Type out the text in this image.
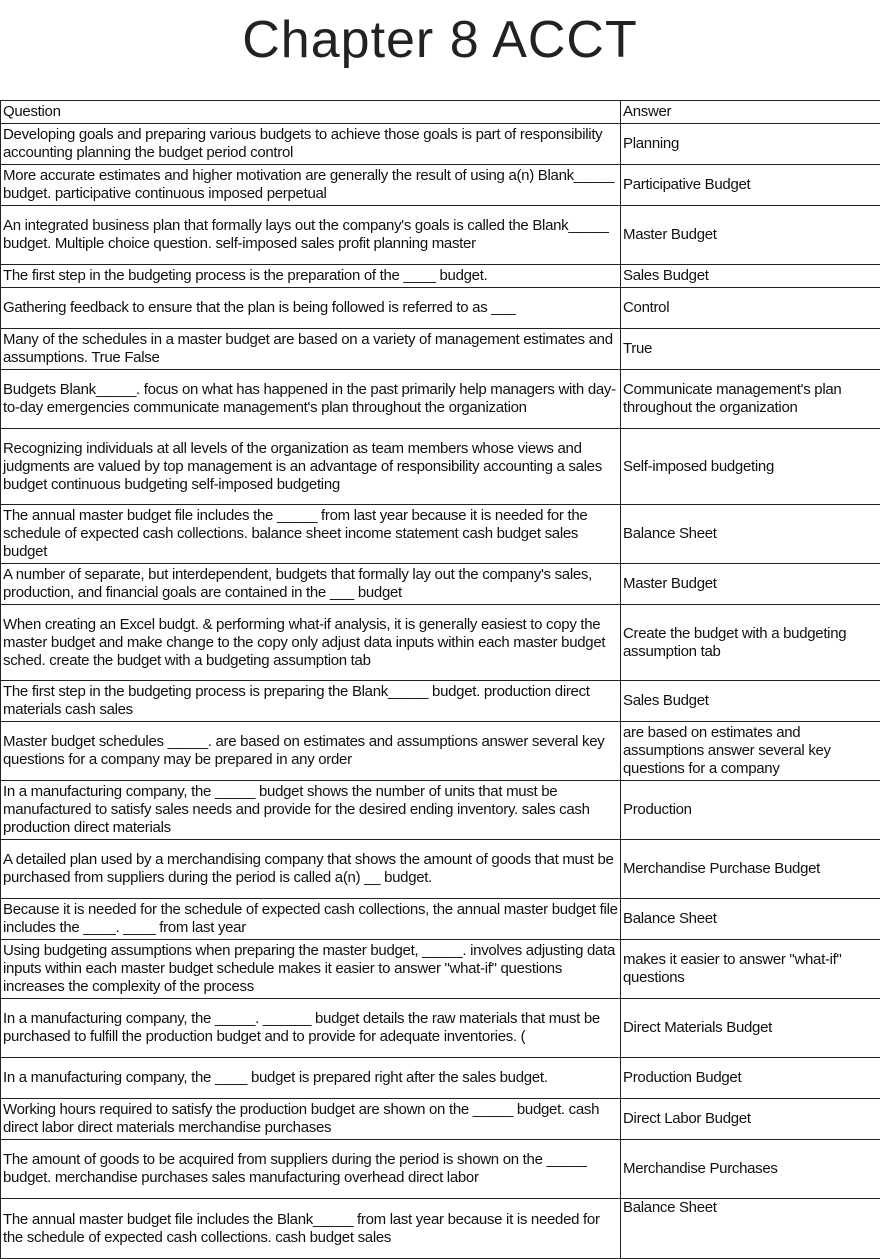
Chapter 8 ACCT
Question	Answer
Developing goals and preparing various budgets to achieve those goals is part of responsibility accounting planning the budget period control	Planning
More accurate estimates and higher motivation are generally the result of using a(n) Blank_____ budget. participative continuous imposed perpetual	Participative Budget
An integrated business plan that formally lays out the company's goals is called the Blank_____ budget. Multiple choice question. self-imposed sales profit planning master	Master Budget
The first step in the budgeting process is the preparation of the ____ budget.	Sales Budget
Gathering feedback to ensure that the plan is being followed is referred to as ___	Control
Many of the schedules in a master budget are based on a variety of management estimates and assumptions. True False	True
Budgets Blank_____. focus on what has happened in the past primarily help managers with day-to-day emergencies communicate management's plan throughout the organization	Communicate management's plan throughout the organization
Recognizing individuals at all levels of the organization as team members whose views and judgments are valued by top management is an advantage of responsibility accounting a sales budget continuous budgeting self-imposed budgeting	Self-imposed budgeting
The annual master budget file includes the _____ from last year because it is needed for the schedule of expected cash collections. balance sheet income statement cash budget sales budget	Balance Sheet
A number of separate, but interdependent, budgets that formally lay out the company's sales, production, and financial goals are contained in the ___ budget	Master Budget
When creating an Excel budgt. & performing what-if analysis, it is generally easiest to copy the master budget and make change to the copy only adjust data inputs within each master budget sched. create the budget with a budgeting assumption tab	Create the budget with a budgeting assumption tab
The first step in the budgeting process is preparing the Blank_____ budget. production direct materials cash sales	Sales Budget
Master budget schedules _____. are based on estimates and assumptions answer several key questions for a company may be prepared in any order	are based on estimates and assumptions answer several key questions for a company
In a manufacturing company, the _____ budget shows the number of units that must be manufactured to satisfy sales needs and provide for the desired ending inventory. sales cash production direct materials	Production
A detailed plan used by a merchandising company that shows the amount of goods that must be purchased from suppliers during the period is called a(n) __ budget.	Merchandise Purchase Budget
Because it is needed for the schedule of expected cash collections, the annual master budget file includes the ____. ____ from last year	Balance Sheet
Using budgeting assumptions when preparing the master budget, _____. involves adjusting data inputs within each master budget schedule makes it easier to answer "what-if" questions increases the complexity of the process	makes it easier to answer "what-if" questions
In a manufacturing company, the _____. ______ budget details the raw materials that must be purchased to fulfill the production budget and to provide for adequate inventories. (	Direct Materials Budget
In a manufacturing company, the ____ budget is prepared right after the sales budget.	Production Budget
Working hours required to satisfy the production budget are shown on the _____ budget. cash direct labor direct materials merchandise purchases	Direct Labor Budget
The amount of goods to be acquired from suppliers during the period is shown on the _____ budget. merchandise purchases sales manufacturing overhead direct labor	Merchandise Purchases
The annual master budget file includes the Blank_____ from last year because it is needed for the schedule of expected cash collections. cash budget sales	Balance Sheet
